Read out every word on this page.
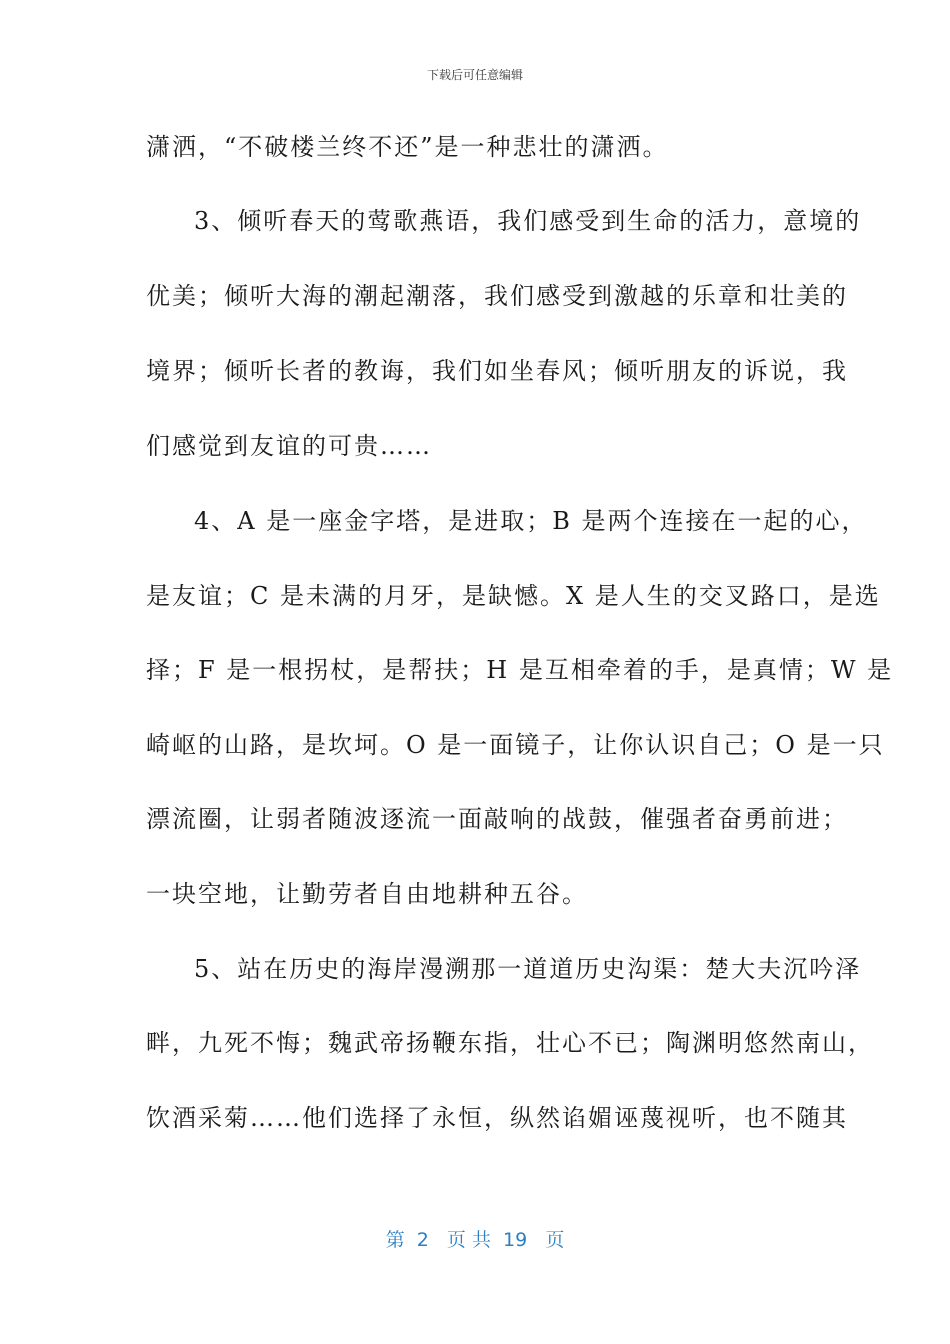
下载后可任意编辑
潇洒，“不破楼兰终不还”是一种悲壮的潇洒。
3、倾听春天的莺歌燕语，我们感受到生命的活力，意境的
优美；倾听大海的潮起潮落，我们感受到激越的乐章和壮美的
境界；倾听长者的教诲，我们如坐春风；倾听朋友的诉说，我
们感觉到友谊的可贵……
4、A 是一座金字塔，是进取；B 是两个连接在一起的心，
是友谊；C 是未满的月牙，是缺憾。X 是人生的交叉路口，是选
择；F 是一根拐杖，是帮扶；H 是互相牵着的手，是真情；W 是
崎岖的山路，是坎坷。O 是一面镜子，让你认识自己；O 是一只
漂流圈，让弱者随波逐流一面敲响的战鼓，催强者奋勇前进；
一块空地，让勤劳者自由地耕种五谷。
5、站在历史的海岸漫溯那一道道历史沟渠：楚大夫沉吟泽
畔，九死不悔；魏武帝扬鞭东指，壮心不已；陶渊明悠然南山，
饮酒采菊……他们选择了永恒，纵然谄媚诬蔑视听，也不随其
第  2   页 共  19   页
